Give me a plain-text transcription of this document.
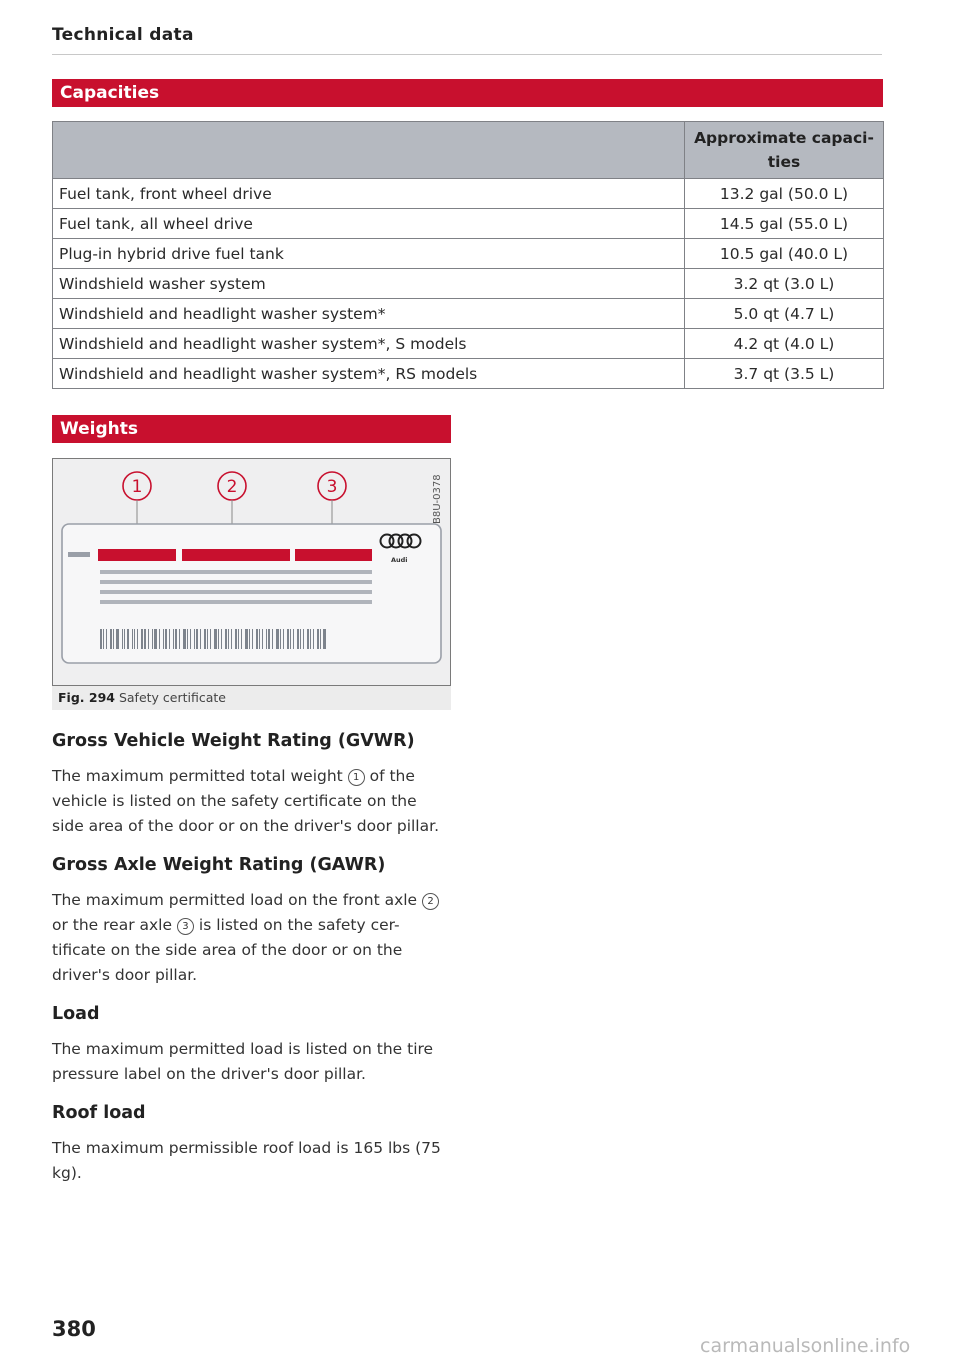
Technical data
Capacities
	Approximate capaci-ties
Fuel tank, front wheel drive	13.2 gal (50.0 L)
Fuel tank, all wheel drive	14.5 gal (55.0 L)
Plug-in hybrid drive fuel tank	10.5 gal (40.0 L)
Windshield washer system	3.2 qt (3.0 L)
Windshield and headlight washer system*	5.0 qt (4.7 L)
Windshield and headlight washer system*, S models	4.2 qt (4.0 L)
Windshield and headlight washer system*, RS models	3.7 qt (3.5 L)
Weights
1	2	3
Audi
B8U-0378
Fig. 294 Safety certificate
Gross Vehicle Weight Rating (GVWR)
The maximum permitted total weight 1 of the vehicle is listed on the safety certificate on the side area of the door or on the driver's door pillar.
Gross Axle Weight Rating (GAWR)
The maximum permitted load on the front axle 2 or the rear axle 3 is listed on the safety cer-tificate on the side area of the door or on the driver's door pillar.
Load
The maximum permitted load is listed on the tire pressure label on the driver's door pillar.
Roof load
The maximum permissible roof load is 165 lbs (75 kg).
380
carmanualsonline.info
